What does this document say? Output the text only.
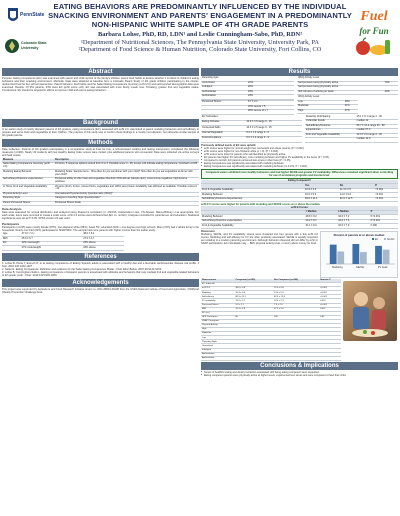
PennState
Colorado State
University
EATING BEHAVIORS ARE PREDOMINANTLY INFLUENCED BY THE INDIVIDUAL SNACKING ENVIRONMENT AND PARENTS' ENGAGEMENT IN A PREDOMINANTLY NON-HISPANIC WHITE SAMPLE OF 4TH GRADE PARENTS
Barbara Lohse, PhD, RD, LDN¹ and Leslie Cunningham-Sabo, PhD, RDN²
¹Department of Nutritional Sciences, The Pennsylvania State University, University Park, PA
²Department of Food Science & Human Nutrition, Colorado State University, Fort Collins, CO
Fuel
for Fun
Abstract
Purpose: Eating competence (EC) was examined with parent and child reports of the family's children parent food habits to assess whether it is linked to children's eating behaviors and their snacking environment. Methods: Data were obtained at baseline from a Colorado Parent Study of 4th grade children participating in the cluster-randomized Fuel for Fun school intervention. Parent behavior, food habits and the Satter Eating Competence Inventory (ecSI 2.0) and self-reported demographic data were examined. Results: Of 351 parents, 43% were EC (ecSI score ≥32). EC was associated with more family meals, less TV/eating, greater fruit and vegetable intake. Conclusions: EC should be targeted in efforts to improve child and parent eating behaviors.
Background
In an earlier study of mostly Hispanic parents of 4th graders, eating competence (EC), assessed with ecSI 2.0, was linked to parent modeling behaviors and self-efficacy to prepare and serve fruits and vegetables to their children. The purpose of this study was to confirm these findings in a mostly non-Hispanic, but otherwise similar sample of 4th grade parents.
Methods
Data Collection. Parents of 4th graders participating in a comparative study at Fuel for Fun, a school-based cooking and tasting intervention, completed the following measures (n=404). Nearly 20 students with low Healthy Eating Index scores were invited, plus additional parents who consented. Data were collected via online surveys and hard copies.
Measure	Description
Satter Eating Competence Inventory (ecSI 2.0)	16 items, 5 response options scored from 0 to 3. Possible score 0 - 48; scores ≥32 indicate eating competence. Cronbach α 0.85
Modeling Eating Behavior	Modeling Scale. Sample items - How often do you eat dinner with your child? How often do you eat vegetables at dinner with your child?
Self-efficacy/Outcome expectancies	Perceived ability to offer fruits and vegetables that their child will eat (sample item). Low-income negatives, high-income positives.
In Home Fruit and Vegetable Availability	20 items (fresh, frozen, canned fruits, vegetables and 100% juice) listed. Availability was affirmed as available. Possible scores 0 - 20
Physical Activity Level	International Physical Activity Questionnaire (IPAQ)*
Parenting Style	Caregiver's Feeding Style Questionnaire*
Parent Perceived Stress	Perceived Stress Scale
Data Analysis
Data were assessed for normal distribution and analyzed using Pearson's correlation (r). ANOVA, independent t-test, Chi-Square, Mann-Whitney U as appropriate. For each scale, items were summed to create a scale score. ecSI 2.0 scores were dichotomized (EC vs. not EC). Analyses controlled for parental sex and education. Statistical significance was set at P<0.05. SPSS version 22 was used.
Participants
Participants (n=315) were mostly female (87%), non-Hispanic white (85%), Asian 5%; educated (64% ≥ one degree post high school). Most (72%) had 2 adults living in the household. Nearly one third (32%) participated in SNAP/WIC. The sample had more parents with higher income than the earlier study.
Age	37.9 ± 7.2 y	38.0 ± 6.2
BMI	25.6 ± 5.7	27.0 ± 4.7
EC	32% overweight	23% obese
	27% underweight	18% obese
References
1. Lohse B, Psota T, Estruch R, et al. Eating competence of Elderly Spanish adults is associated with a healthy diet and a favorable cardiovascular disease risk profile. J Nutr. 2010;140:1322-1327.
2. Satter E. Eating Competence: Definition and evidence for the Satter Eating Competence Model. J Nutr Educ Behav. 2007;39:S142-S153.
3. Lohse B, Cunningham-Sabo L. Eating competence of Hispanic parents is associated with attitudes and behaviors that may mediate fruit and vegetable-related behaviors of 4th grade youth. J Nutr. 2012;142:1903-1909.
Acknowledgements
This project was supported by Agriculture and Food Research Initiative Grant no. 2011-68001-30138 from the USDA National Institute of Food and Agriculture, Childhood Obesity Prevention Challenge Area.
Results
Parenting style	
Uninvolved	12%
Indulgent	20%
Authoritarian	18%
Authoritative	24%

Perceived Stress:	6.7 ± 2.1
	16% severe = 5
	28% severe of ≥ 7
IPAQ Activity Level	
Self-perceive being physically active	70%
Self-perceive being physically active	
300 minutes of activity per week	40%
IPAQ Activity Level:	
Low	19%
Moderate	21%
High	47%
EC Subscales:		
Eating Attitudes	10.9 ± 3.6 range 0 - 15	
Contextual Skills	10.3 ± 2.5 range 0 - 15	
Internal Regulation	5.2 ± 1.4 range 0 - 6	
Food Acceptance	5.0 ± 2.4 range 0 - 9	
Modeling Child Eating	15.1 ± 6.1 range 2 - 30
Unfamiliar Foods	median 12
Self-Efficacy/Outcome	65.7 ± 12.4 range 15 - 80
expectancies	median 67.0
Fruit and Vegetable Availability	12.0 ± 2.6 range 6 - 20
	median 12.0
Previously defined levels of EC were upheld.
■ ecSI scores were higher for normal weight than overweight and obese parents (P = 0.002).
■ ecSI scores were higher for non-Hispanic white (n = 3), (P = 0.004).
■ ecSI scores were lower for parents who self-identified as physically active.
■ EC parents had higher FV self-efficacy, more modeling behavior and higher FV availability in the home (P < 0.05).
■ Compared to not EC, EC parents perceived less stress in their lives (P < 0.05).
■ Eating Competence was significantly associated with modeling behavior.
■ Eating Competence was significantly associated with modeling behavior (rs 0.274, P < 0.001).
Competent eaters exhibited more healthy behaviors and had higher SE/OE and greater FV availability. Differences remained significant when controlling for use of assistance programs and income level.
Eating Competent?			
	Yes	No	P
Fruit & Vegetable Availability	12.9 ± 2.4	11.4 ± 2.5	<0.001
Modeling Behavior	16.6 ± 5.9	14.0 ± 6.0	<0.001
Self-Efficacy/Outcome Expectancies	69.6 ± 11.1	62.9 ± 12.5	<0.001
ecSI 2.0 scores were higher for parents with modeling and SE/OE scores at or above the median.
ecSI 2.0 score			
	< Median	≥ Median	P
Modeling Behavior	28.8 ± 8.2	34.6 ± 7.2	P<0.001
Self-efficacy/Outcome expectancies	29.2 ± 8.1	34.0 ± 7.6	P<0.001
Fruit & Vegetable Availability	31.1 ± 9.0	32.5 ± 7.9	0.180
Discussion
Modeling, SE/OE, and FV availability scores were clustered into four groups with a few ecSI 2.0 scores. Modeling and self-efficacy for FV are often positively associated. SE/OE is equally important as modeling in a modern parenting environment. Although behavior observed did not differ by ecSI or SNAP participation, EC individuals may ... BMI, physical activity level, or worry about money for food.
Percent of parents at or above median
Modeling	SE/OE	FV Avail
EC	Not EC
Measurement	Competent (n=185)	Not Competent (n=209)	Statistic P
EC Subscale			
ecSI 2.0	38.0 ± 4.8	22.6 ± 6.8	<0.001
Modeling	16.3 ± 5.9	13.4 ± 5.9	<0.001
Self-efficacy	68.5 ± 11.1	62.4 ± 12.6	<0.001
FV availability	13.2 ± 2.1	12.4 ± 2.3	0.010
Perceived Stress	5.3 ± 2.1	7.3 ± 2.3	<0.001
BMI	25.3 ± 4.9	27.2 ± 5.6	0.007
EC (n=)			
HPF Participant	85	100	0.82
SNAP Participant			
Physical Activity			
High			
Moderate			
Low			
Parenting Style			
Uninvolved			
Indulgent			
Authoritarian			
Authoritative			
Conclusions & Implications
■ Tenets of healthful eating and dietary behaviors associated with being eating competent were supported.
■ Eating competent parents were physically active at higher levels, experienced less stress and were competent to feed their child.
